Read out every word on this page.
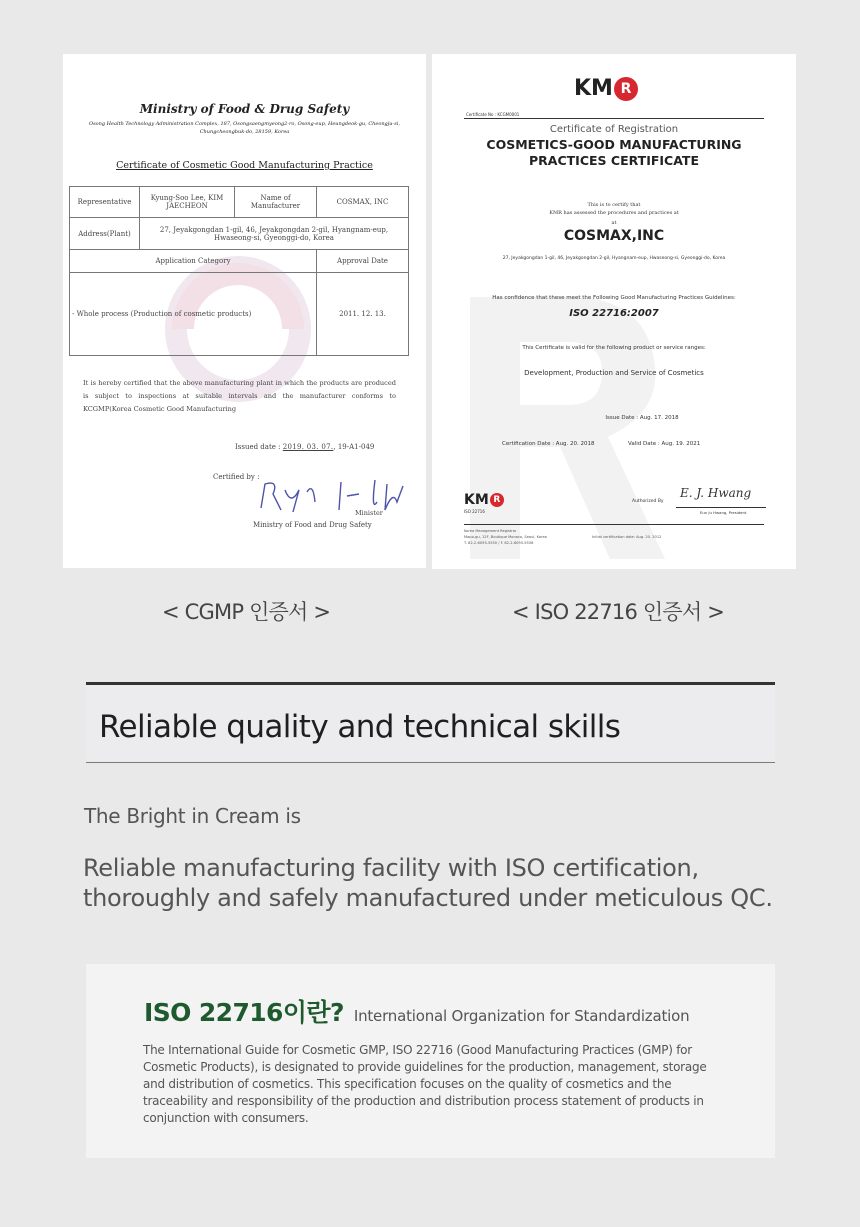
Ministry of Food & Drug Safety
Osong Health Technology Administration Complex, 187, Osongsaengmyeong2-ro, Osong-eup, Heungdeok-gu, Cheongju-si, Chungcheongbuk-do, 28159, Korea
Certificate of Cosmetic Good Manufacturing Practice
Representative	Kyung-Soo Lee, KIM JAECHEON	Name of Manufacturer	COSMAX, INC
Address(Plant)	27, Jeyakgongdan 1-gil, 46, Jeyakgongdan 2-gil, Hyangnam-eup, Hwaseong-si, Gyeonggi-do, Korea		
Application Category			Approval Date
- Whole process (Production of cosmetic products)			2011. 12. 13.
It is hereby certified that the above manufacturing plant in which the products are produced is subject to inspections at suitable intervals and the manufacturer conforms to KCGMP(Korea Cosmetic Good Manufacturing
Issued date : 2019. 03. 07., 19-A1-049
Certified by :
Minister
Ministry of Food and Drug Safety
KM R
Certificate No : KCGM0001
Certificate of Registration
COSMETICS-GOOD MANUFACTURING
PRACTICES CERTIFICATE
This is to certify that
KMR has assessed the procedures and practices at
at
COSMAX,INC
27, Jeyakgongdan 1-gil, 46, Jeyakgongdan 2-gil, Hyangnam-eup, Hwaseong-si, Gyeonggi-do, Korea
Has confidence that these meet the Following Good Manufacturing Practices Guidelines:
ISO 22716:2007
This Certificate is valid for the following product or service ranges:
Development, Production and Service of Cosmetics
Issue Date : Aug. 17. 2018
Certification Date : Aug. 20. 2018	Valid Date : Aug. 19. 2021
KM R
ISO 22716
Authorized By
E. J. Hwang
Eun Ju Hwang, President
Korea Management Registrar
Mapo-gu, 12F, Boutique Monaco, Seoul, Korea
T. 82-2-6093-5550 / F. 82-2-6093-5558
Initial certification date: Aug. 20. 2012
< CGMP 인증서 >	< ISO 22716 인증서 >
Reliable quality and technical skills
The Bright in Cream is
Reliable manufacturing facility with ISO certification,
thoroughly and safely manufactured under meticulous QC.
ISO 22716이란? International Organization for Standardization
The International Guide for Cosmetic GMP, ISO 22716 (Good Manufacturing Practices (GMP) for Cosmetic Products), is designated to provide guidelines for the production, management, storage and distribution of cosmetics. This specification focuses on the quality of cosmetics and the traceability and responsibility of the production and distribution process statement of products in conjunction with consumers.
